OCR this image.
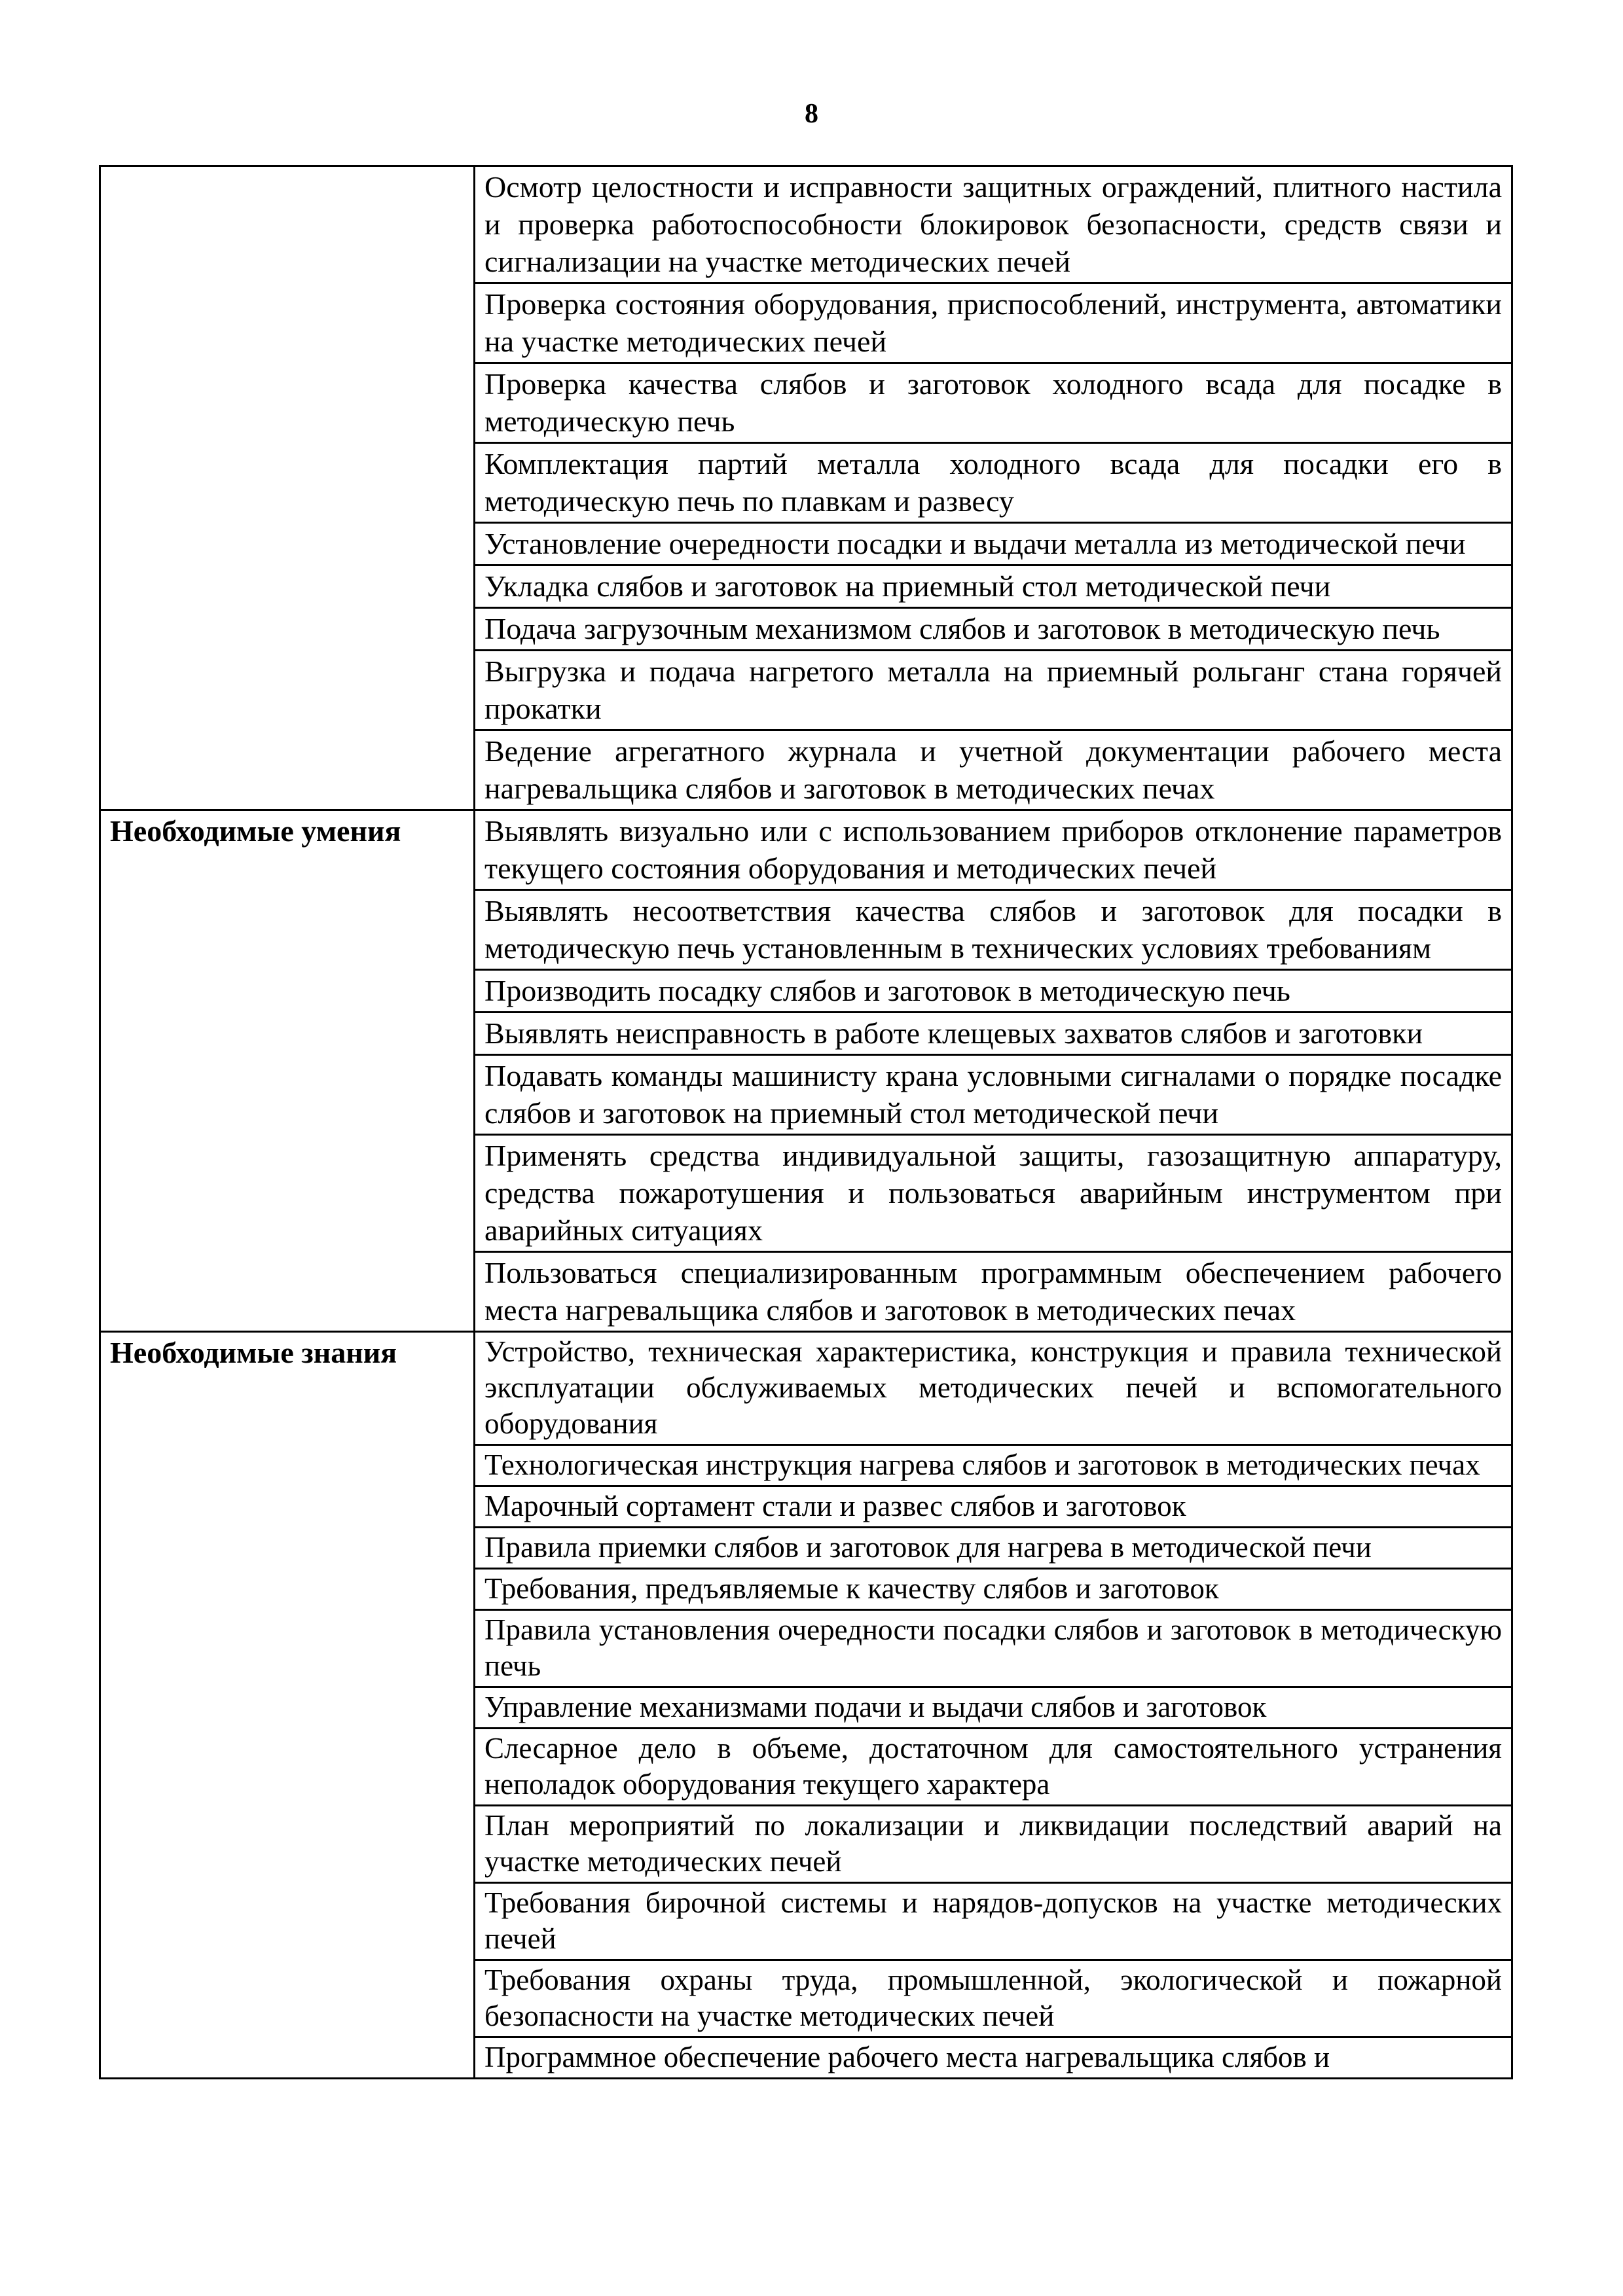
8
	Осмотр целостности и исправности защитных ограждений, плитного настила и проверка работоспособности блокировок безопасности, средств связи и сигнализации на участке методических печей
	Проверка состояния оборудования, приспособлений, инструмента, автоматики на участке методических печей
	Проверка качества слябов и заготовок холодного всада для посадке в методическую печь
	Комплектация партий металла холодного всада для посадки его в методическую печь по плавкам и развесу
	Установление очередности посадки и выдачи металла из методической печи
	Укладка слябов и заготовок на приемный стол методической печи
	Подача загрузочным механизмом слябов и заготовок в методическую печь
	Выгрузка и подача нагретого металла на приемный рольганг стана горячей прокатки
	Ведение агрегатного журнала и учетной документации рабочего места нагревальщика слябов и заготовок в методических печах
Необходимые умения	Выявлять визуально или с использованием приборов отклонение параметров текущего состояния оборудования и методических печей
	Выявлять несоответствия качества слябов и заготовок для посадки в методическую печь установленным в технических условиях требованиям
	Производить посадку слябов и заготовок в методическую печь
	Выявлять неисправность в работе клещевых захватов слябов и заготовки
	Подавать команды машинисту крана условными сигналами о порядке посадке слябов и заготовок на приемный стол методической печи
	Применять средства индивидуальной защиты, газозащитную аппаратуру, средства пожаротушения и пользоваться аварийным инструментом при аварийных ситуациях
	Пользоваться специализированным программным обеспечением рабочего места нагревальщика слябов и заготовок в методических печах
Необходимые знания	Устройство, техническая характеристика, конструкция и правила технической эксплуатации обслуживаемых методических печей и вспомогательного оборудования
	Технологическая инструкция нагрева слябов и заготовок в методических печах
	Марочный сортамент стали и развес слябов и заготовок
	Правила приемки слябов и заготовок для нагрева в методической печи
	Требования, предъявляемые к качеству слябов и заготовок
	Правила установления очередности посадки слябов и заготовок в методическую печь
	Управление механизмами подачи и выдачи слябов и заготовок
	Слесарное дело в объеме, достаточном для самостоятельного устранения неполадок оборудования текущего характера
	План мероприятий по локализации и ликвидации последствий аварий на участке методических печей
	Требования бирочной системы и нарядов-допусков на участке методических печей
	Требования охраны труда, промышленной, экологической и пожарной безопасности на участке методических печей
	Программное обеспечение рабочего места нагревальщика слябов и
